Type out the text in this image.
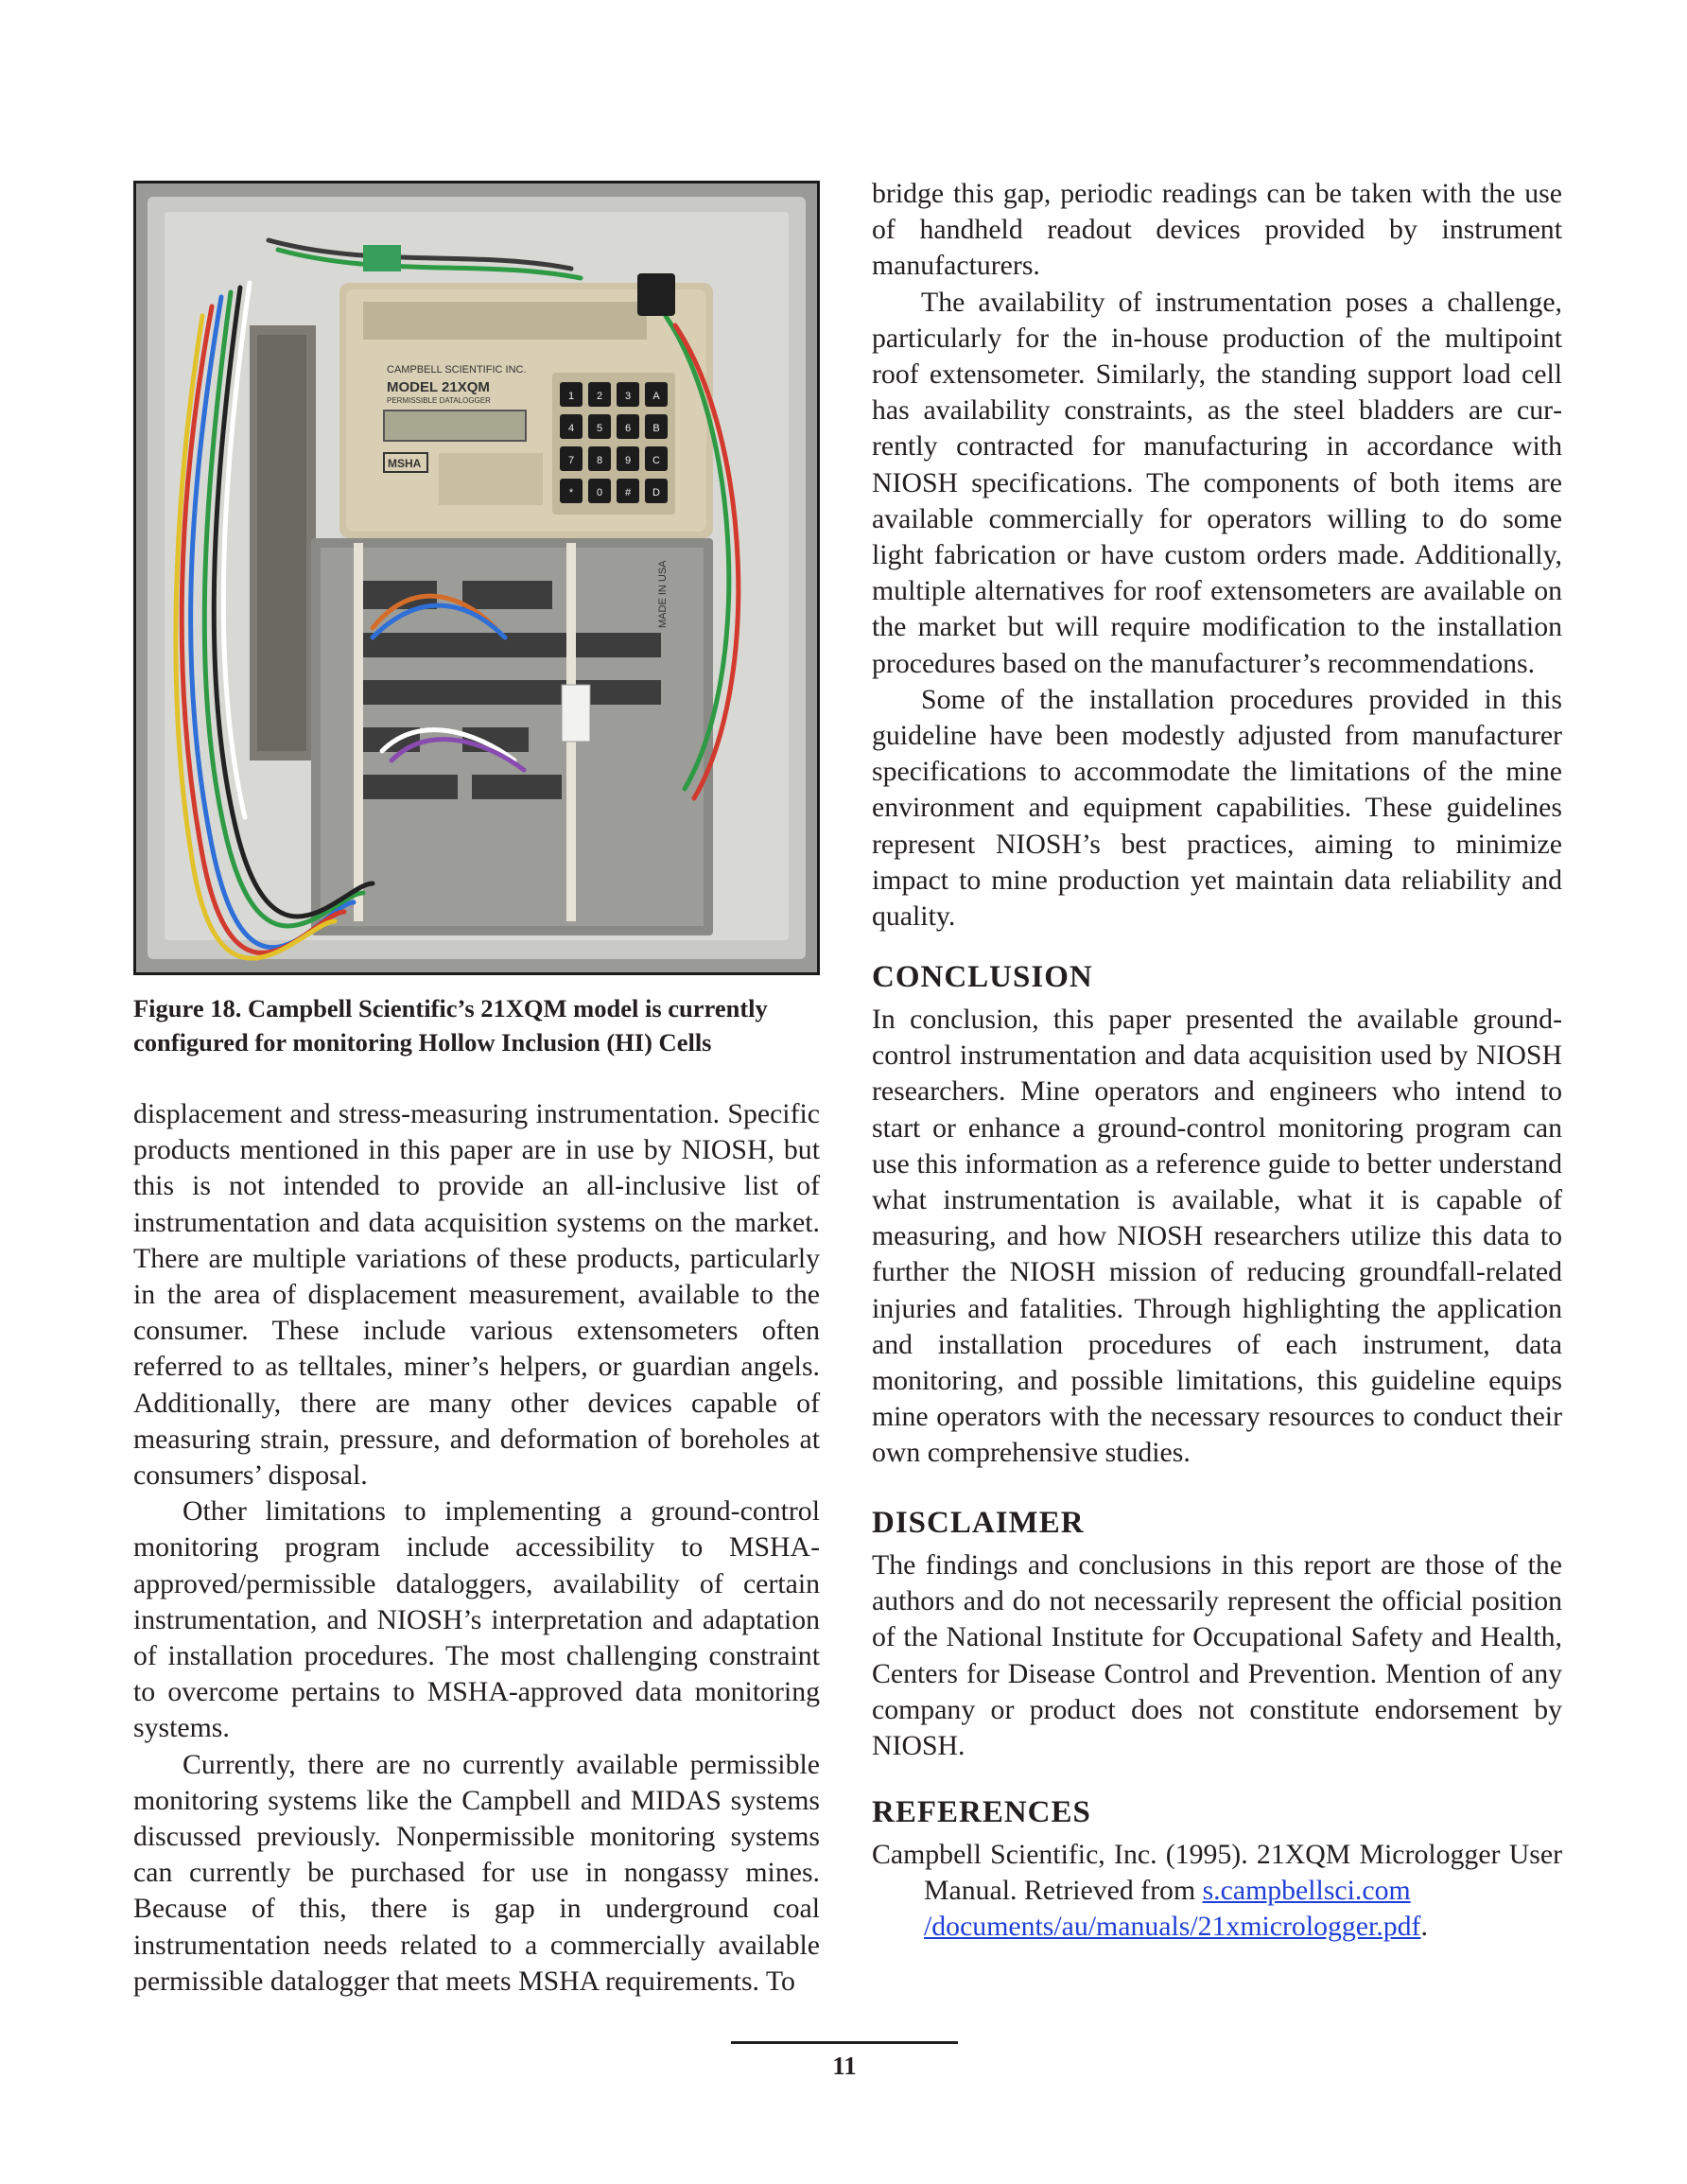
CAMPBELL SCIENTIFIC INC.
MODEL 21XQM
PERMISSIBLE DATALOGGER
MSHA
1 2 3 A
4 5 6 B
7 8 9 C
* 0 # D
MADE IN USA
Figure 18. Campbell Scientific’s 21XQM model is currently configured for monitoring Hollow Inclusion (HI) Cells

displacement and stress-measuring instrumentation. Specific products mentioned in this paper are in use by NIOSH, but this is not intended to provide an all-inclusive list of instrumentation and data acquisition systems on the market. There are multiple variations of these products, particularly in the area of displacement measurement, available to the consumer. These include various extensometers often referred to as telltales, miner’s helpers, or guardian angels. Additionally, there are many other devices capable of measuring strain, pressure, and deformation of boreholes at consumers’ disposal.

Other limitations to implementing a ground-control monitoring program include accessibility to MSHA-approved/permissible dataloggers, availability of certain instrumentation, and NIOSH’s interpretation and adaptation of installation procedures. The most challenging constraint to overcome pertains to MSHA-approved data monitoring systems.

Currently, there are no currently available permissible monitoring systems like the Campbell and MIDAS systems discussed previously. Nonpermissible monitoring systems can currently be purchased for use in nongassy mines. Because of this, there is gap in underground coal instrumentation needs related to a commercially available permissible datalogger that meets MSHA requirements. To

bridge this gap, periodic readings can be taken with the use of handheld readout devices provided by instrument manufacturers.

The availability of instrumentation poses a challenge, particularly for the in-house production of the multipoint roof extensometer. Similarly, the standing support load cell has availability constraints, as the steel bladders are currently contracted for manufacturing in accordance with NIOSH specifications. The components of both items are available commercially for operators willing to do some light fabrication or have custom orders made. Additionally, multiple alternatives for roof extensometers are available on the market but will require modification to the installation procedures based on the manufacturer’s recommendations.

Some of the installation procedures provided in this guideline have been modestly adjusted from manufacturer specifications to accommodate the limitations of the mine environment and equipment capabilities. These guidelines represent NIOSH’s best practices, aiming to minimize impact to mine production yet maintain data reliability and quality.

CONCLUSION

In conclusion, this paper presented the available ground-control instrumentation and data acquisition used by NIOSH researchers. Mine operators and engineers who intend to start or enhance a ground-control monitoring program can use this information as a reference guide to better understand what instrumentation is available, what it is capable of measuring, and how NIOSH researchers utilize this data to further the NIOSH mission of reducing groundfall-related injuries and fatalities. Through highlighting the application and installation procedures of each instrument, data monitoring, and possible limitations, this guideline equips mine operators with the necessary resources to conduct their own comprehensive studies.

DISCLAIMER

The findings and conclusions in this report are those of the authors and do not necessarily represent the official position of the National Institute for Occupational Safety and Health, Centers for Disease Control and Prevention. Mention of any company or product does not constitute endorsement by NIOSH.

REFERENCES

Campbell Scientific, Inc. (1995). 21XQM Micrologger User Manual. Retrieved from s.campbellsci.com
/documents/au/manuals/21xmicrologger.pdf.

11
